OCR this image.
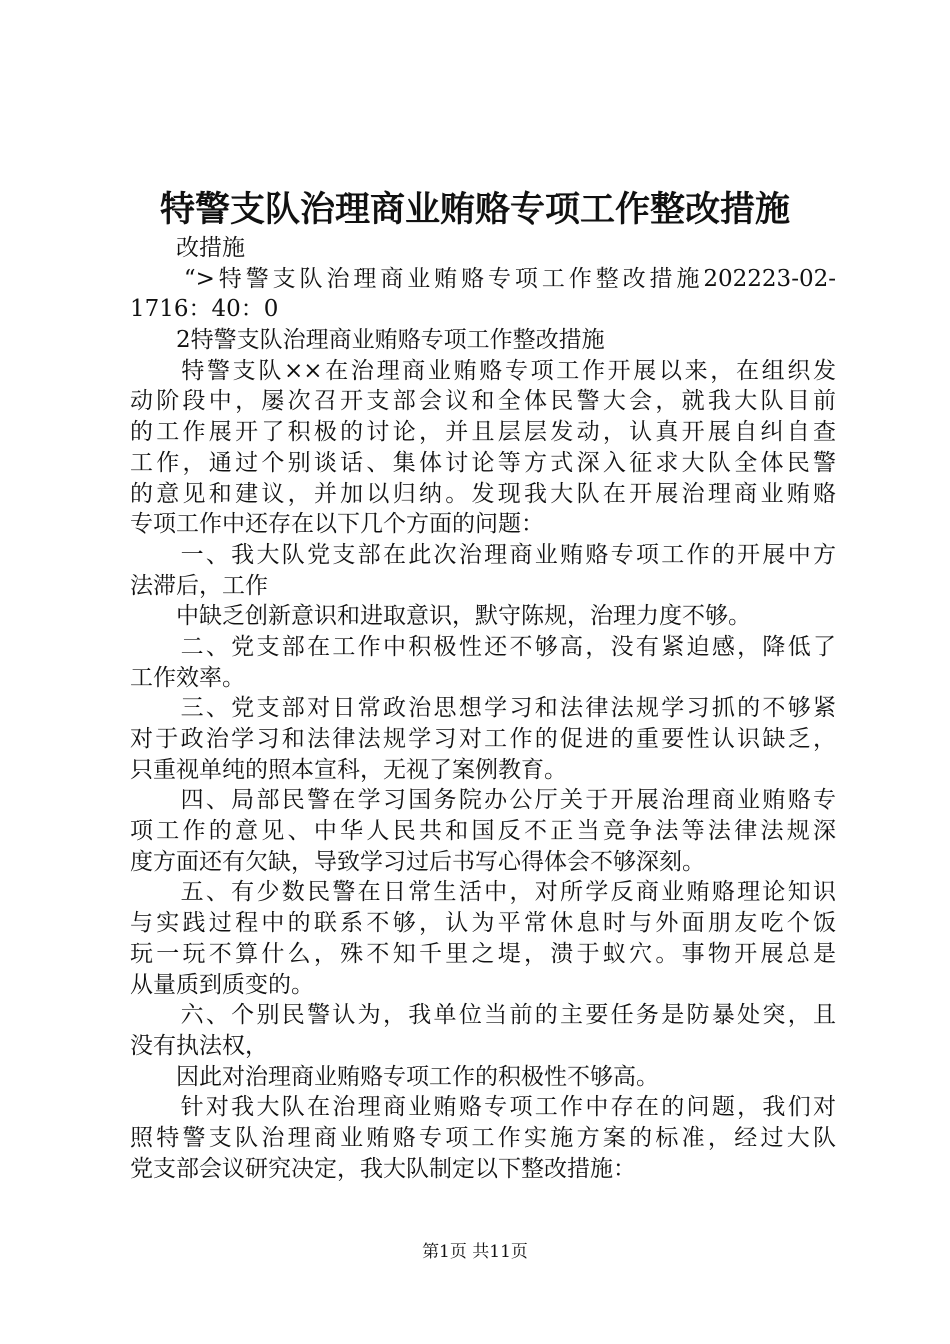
特警支队治理商业贿赂专项工作整改措施
　　改措施
　　“>特警支队治理商业贿赂专项工作整改措施202223-02-
1716：40：0
　　2特警支队治理商业贿赂专项工作整改措施
　　特警支队××在治理商业贿赂专项工作开展以来，在组织发
动阶段中，屡次召开支部会议和全体民警大会，就我大队目前
的工作展开了积极的讨论，并且层层发动，认真开展自纠自查
工作，通过个别谈话、集体讨论等方式深入征求大队全体民警
的意见和建议，并加以归纳。发现我大队在开展治理商业贿赂
专项工作中还存在以下几个方面的问题：
　　一、我大队党支部在此次治理商业贿赂专项工作的开展中方
法滞后，工作
　　中缺乏创新意识和进取意识，默守陈规，治理力度不够。
　　二、党支部在工作中积极性还不够高，没有紧迫感，降低了
工作效率。
　　三、党支部对日常政治思想学习和法律法规学习抓的不够紧
对于政治学习和法律法规学习对工作的促进的重要性认识缺乏，
只重视单纯的照本宣科，无视了案例教育。
　　四、局部民警在学习国务院办公厅关于开展治理商业贿赂专
项工作的意见、中华人民共和国反不正当竞争法等法律法规深
度方面还有欠缺，导致学习过后书写心得体会不够深刻。
　　五、有少数民警在日常生活中，对所学反商业贿赂理论知识
与实践过程中的联系不够，认为平常休息时与外面朋友吃个饭
玩一玩不算什么，殊不知千里之堤，溃于蚁穴。事物开展总是
从量质到质变的。
　　六、个别民警认为，我单位当前的主要任务是防暴处突，且
没有执法权，
　　因此对治理商业贿赂专项工作的积极性不够高。
　　针对我大队在治理商业贿赂专项工作中存在的问题，我们对
照特警支队治理商业贿赂专项工作实施方案的标准，经过大队
党支部会议研究决定，我大队制定以下整改措施：
第1页 共11页
